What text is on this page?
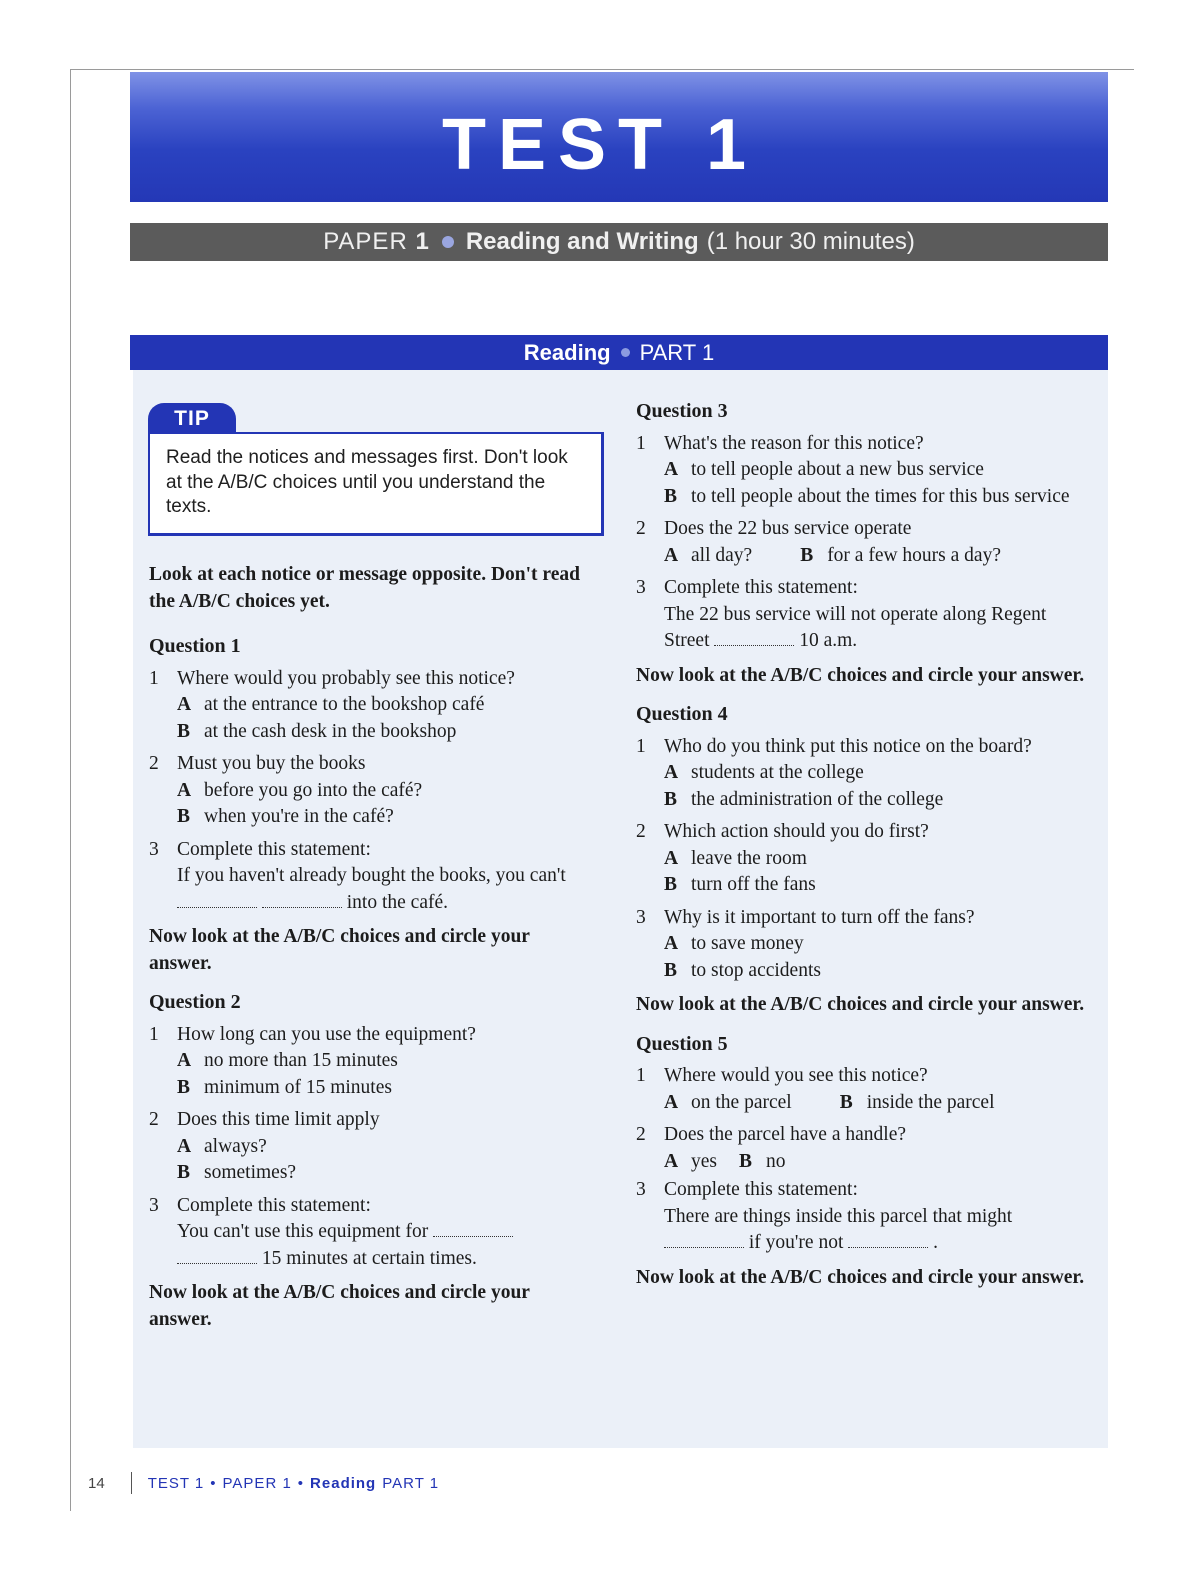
TEST 1
PAPER 1 Reading and Writing (1 hour 30 minutes)
Reading PART 1
TIP
Read the notices and messages first. Don't look at the A/B/C choices until you understand the texts.

Look at each notice or message opposite. Don't read the A/B/C choices yet.

Question 1
1 Where would you probably see this notice?
A at the entrance to the bookshop café
B at the cash desk in the bookshop
2 Must you buy the books
A before you go into the café?
B when you're in the café?
3 Complete this statement:
If you haven't already bought the books, you can't   into the café.

Now look at the A/B/C choices and circle your answer.

Question 2
1 How long can you use the equipment?
A no more than 15 minutes
B minimum of 15 minutes
2 Does this time limit apply
A always?
B sometimes?
3 Complete this statement:
You can't use this equipment for
15 minutes at certain times.

Now look at the A/B/C choices and circle your answer.

Question 3
1 What's the reason for this notice?
A to tell people about a new bus service
B to tell people about the times for this bus service
2 Does the 22 bus service operate
A all day? B for a few hours a day?
3 Complete this statement:
The 22 bus service will not operate along Regent Street	10 a.m.

Now look at the A/B/C choices and circle your answer.

Question 4
1 Who do you think put this notice on the board?
A students at the college
B the administration of the college
2 Which action should you do first?
A leave the room
B turn off the fans
3 Why is it important to turn off the fans?
A to save money
B to stop accidents

Now look at the A/B/C choices and circle your answer.

Question 5
1 Where would you see this notice?
A on the parcel B inside the parcel
2 Does the parcel have a handle?
A yes B no
3 Complete this statement:
There are things inside this parcel that might
if you're not	.

Now look at the A/B/C choices and circle your answer.

14	TEST 1 • PAPER 1 • Reading PART 1
